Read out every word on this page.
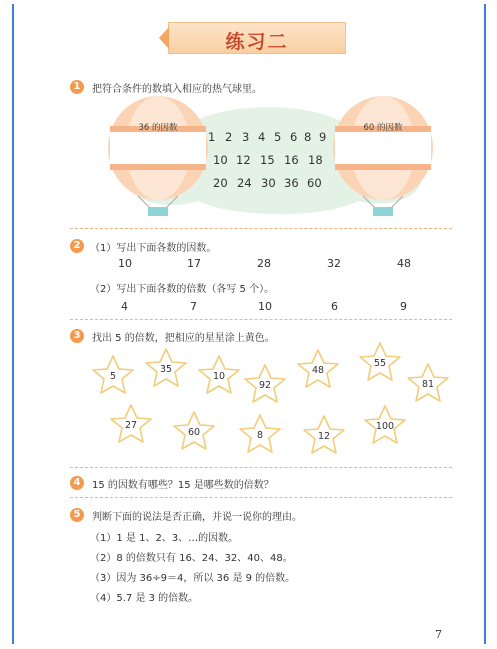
练习二
1	把符合条件的数填入相应的热气球里。
36 的因数	60 的因数
1 2 3 4 5 6 8 9
10 12 15 16 18
20 24 30 36 60
2 （1）写出下面各数的因数。
10	17	28	32	48
（2）写出下面各数的倍数（各写 5 个）。
4	7	10	6	9
3	找出 5 的倍数，把相应的星星涂上黄色。
5
35
10
92
48
55
81
27
60	8	12
100
4	15 的因数有哪些？15 是哪些数的倍数？
5	判断下面的说法是否正确，并说一说你的理由。
（1）1 是 1、2、3、…的因数。
（2）8 的倍数只有 16、24、32、40、48。
（3）因为 36÷9＝4，所以 36 是 9 的倍数。
（4）5.7 是 3 的倍数。
7
